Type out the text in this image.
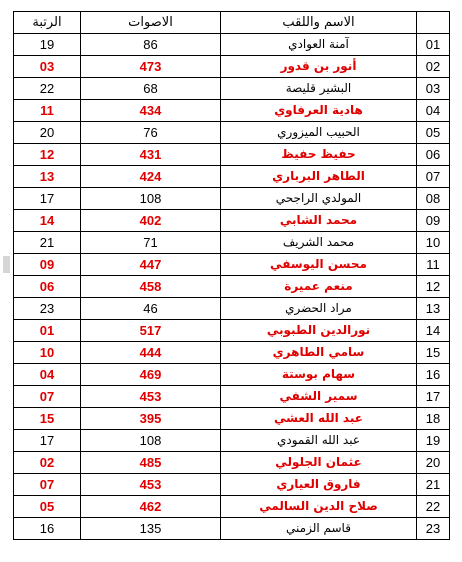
الرتبة	الاصوات	الاسم واللقب	
19	86	آمنة العوادي	01
03	473	أنور بن قدور	02
22	68	البشير قليصة	03
11	434	هادية العرفاوي	04
20	76	الحبيب الميزوري	05
12	431	حفيظ حفيظ	06
13	424	الطاهر البرباري	07
17	108	المولدي الراجحي	08
14	402	محمد الشابي	09
21	71	محمد الشريف	10
09	447	محسن اليوسفي	11
06	458	منعم عميرة	12
23	46	مراد الحضري	13
01	517	نورالدين الطبوبي	14
10	444	سامي الطاهري	15
04	469	سهام بوستة	16
07	453	سمير الشفي	17
15	395	عبد الله العشي	18
17	108	عبد الله القمودي	19
02	485	عثمان الجلولي	20
07	453	فاروق العياري	21
05	462	صلاح الدين السالمي	22
16	135	قاسم الزمني	23
